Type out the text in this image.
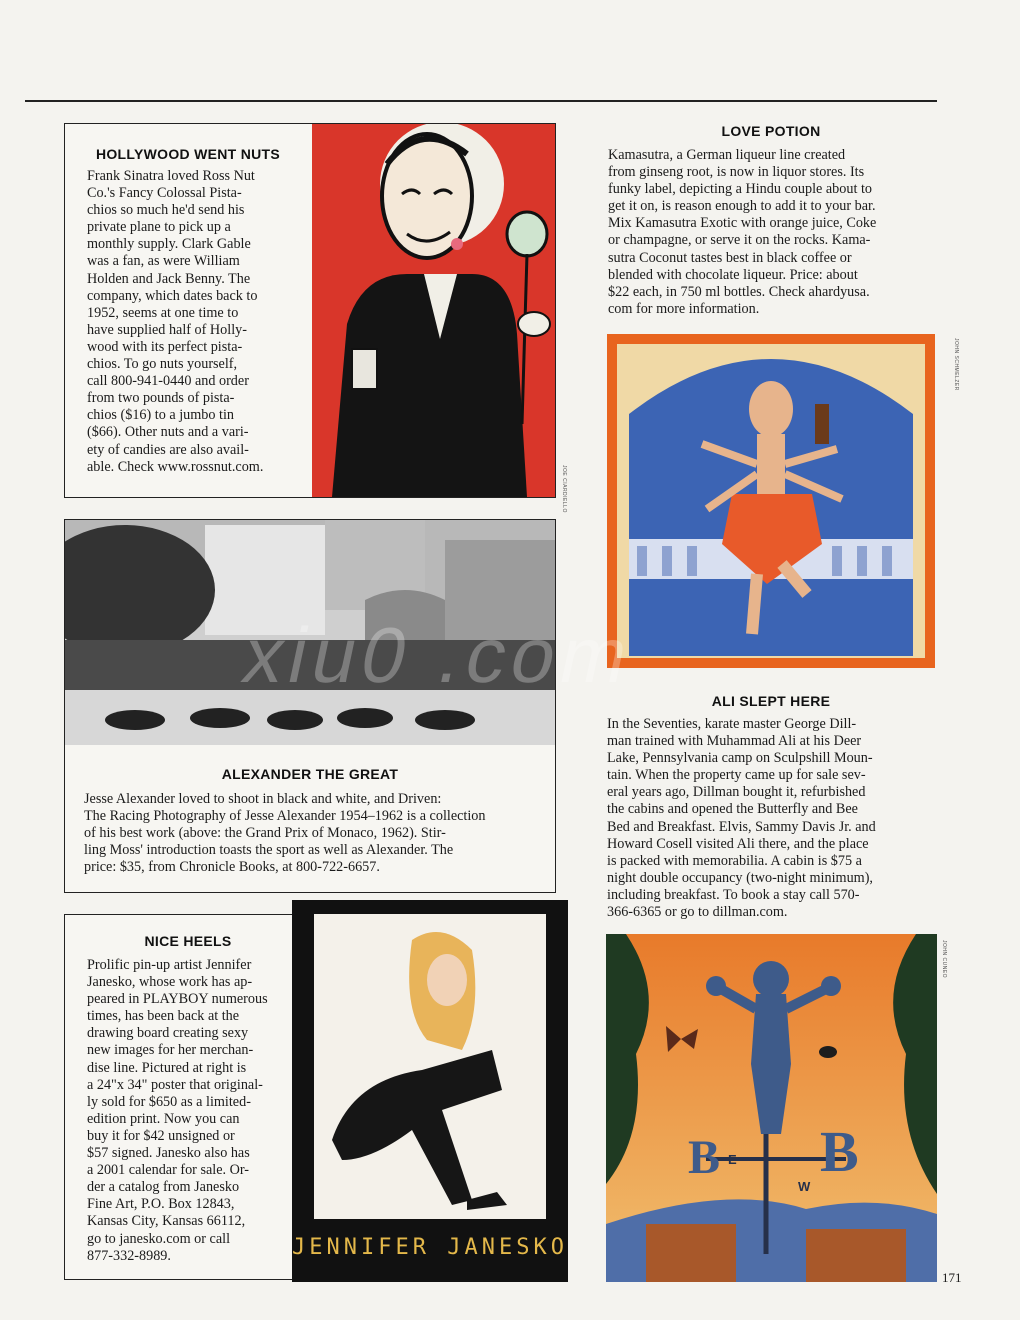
HOLLYWOOD WENT NUTS
Frank Sinatra loved Ross Nut
Co.'s Fancy Colossal Pista-
chios so much he'd send his
private plane to pick up a
monthly supply. Clark Gable
was a fan, as were William
Holden and Jack Benny. The
company, which dates back to
1952, seems at one time to
have supplied half of Holly-
wood with its perfect pista-
chios. To go nuts yourself,
call 800-941-0440 and order
from two pounds of pista-
chios ($16) to a jumbo tin
($66). Other nuts and a vari-
ety of candies are also avail-
able. Check www.rossnut.com.	JOE CIARDIELLO
ALEXANDER THE GREAT
Jesse Alexander loved to shoot in black and white, and Driven:
The Racing Photography of Jesse Alexander 1954–1962 is a collection
of his best work (above: the Grand Prix of Monaco, 1962). Stir-
ling Moss' introduction toasts the sport as well as Alexander. The
price: $35, from Chronicle Books, at 800-722-6657.
NICE HEELS
Prolific pin-up artist Jennifer
Janesko, whose work has ap-
peared in PLAYBOY numerous
times, has been back at the
drawing board creating sexy
new images for her merchan-
dise line. Pictured at right is
a 24"x 34" poster that original-
ly sold for $650 as a limited-
edition print. Now you can
buy it for $42 unsigned or
$57 signed. Janesko also has
a 2001 calendar for sale. Or-
der a catalog from Janesko
Fine Art, P.O. Box 12843,
Kansas City, Kansas 66112,
go to janesko.com or call
877-332-8989.	JENNIFER JANESKO
LOVE POTION
Kamasutra, a German liqueur line created
from ginseng root, is now in liquor stores. Its
funky label, depicting a Hindu couple about to
get it on, is reason enough to add it to your bar.
Mix Kamasutra Exotic with orange juice, Coke
or champagne, or serve it on the rocks. Kama-
sutra Coconut tastes best in black coffee or
blended with chocolate liqueur. Price: about
$22 each, in 750 ml bottles. Check ahardyusa.
com for more information.
JOHN SCHMELZER
ALI SLEPT HERE
In the Seventies, karate master George Dill-
man trained with Muhammad Ali at his Deer
Lake, Pennsylvania camp on Sculpshill Moun-
tain. When the property came up for sale sev-
eral years ago, Dillman bought it, refurbished
the cabins and opened the Butterfly and Bee
Bed and Breakfast. Elvis, Sammy Davis Jr. and
Howard Cosell visited Ali there, and the place
is packed with memorabilia. A cabin is $75 a
night double occupancy (two-night minimum),
including breakfast. To book a stay call 570-
366-6365 or go to dillman.com.
B B
E
W
JOHN CUNEO
xiu0 .com
171
